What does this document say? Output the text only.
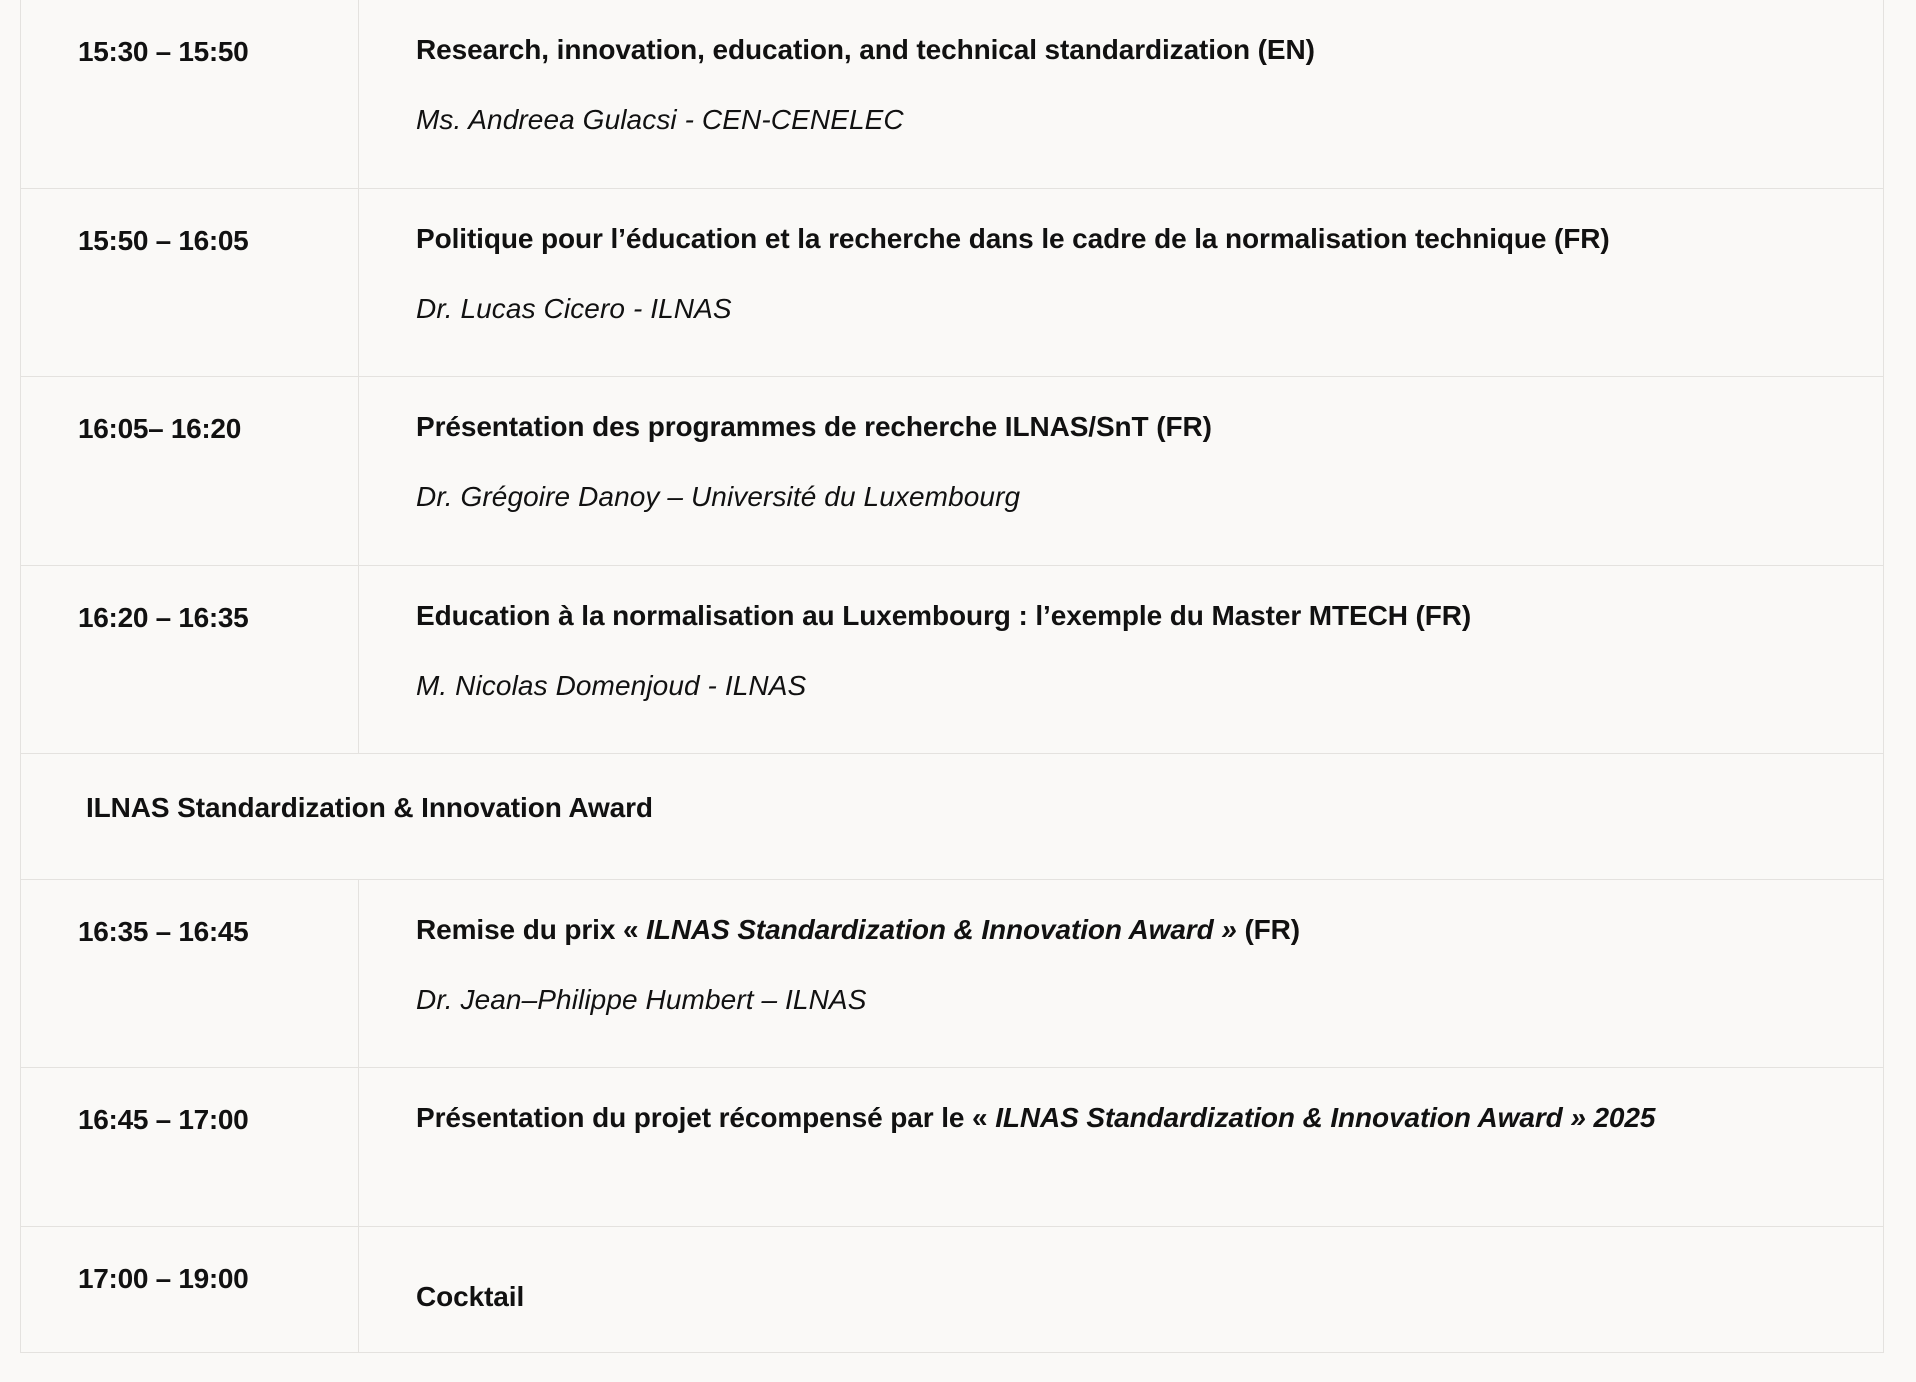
15:30 – 15:50	Research, innovation, education, and technical standardization (EN)
Ms. Andreea Gulacsi - CEN-CENELEC

15:50 – 16:05	Politique pour l’éducation et la recherche dans le cadre de la normalisation technique (FR)
Dr. Lucas Cicero - ILNAS

16:05– 16:20	Présentation des programmes de recherche ILNAS/SnT (FR)
Dr. Grégoire Danoy – Université du Luxembourg

16:20 – 16:35	Education à la normalisation au Luxembourg : l’exemple du Master MTECH (FR)
M. Nicolas Domenjoud - ILNAS

ILNAS Standardization & Innovation Award	
16:35 – 16:45	Remise du prix « ILNAS Standardization & Innovation Award » (FR)
Dr. Jean–Philippe Humbert – ILNAS

16:45 – 17:00	Présentation du projet récompensé par le « ILNAS Standardization & Innovation Award » 2025

17:00 – 19:00	Cocktail
